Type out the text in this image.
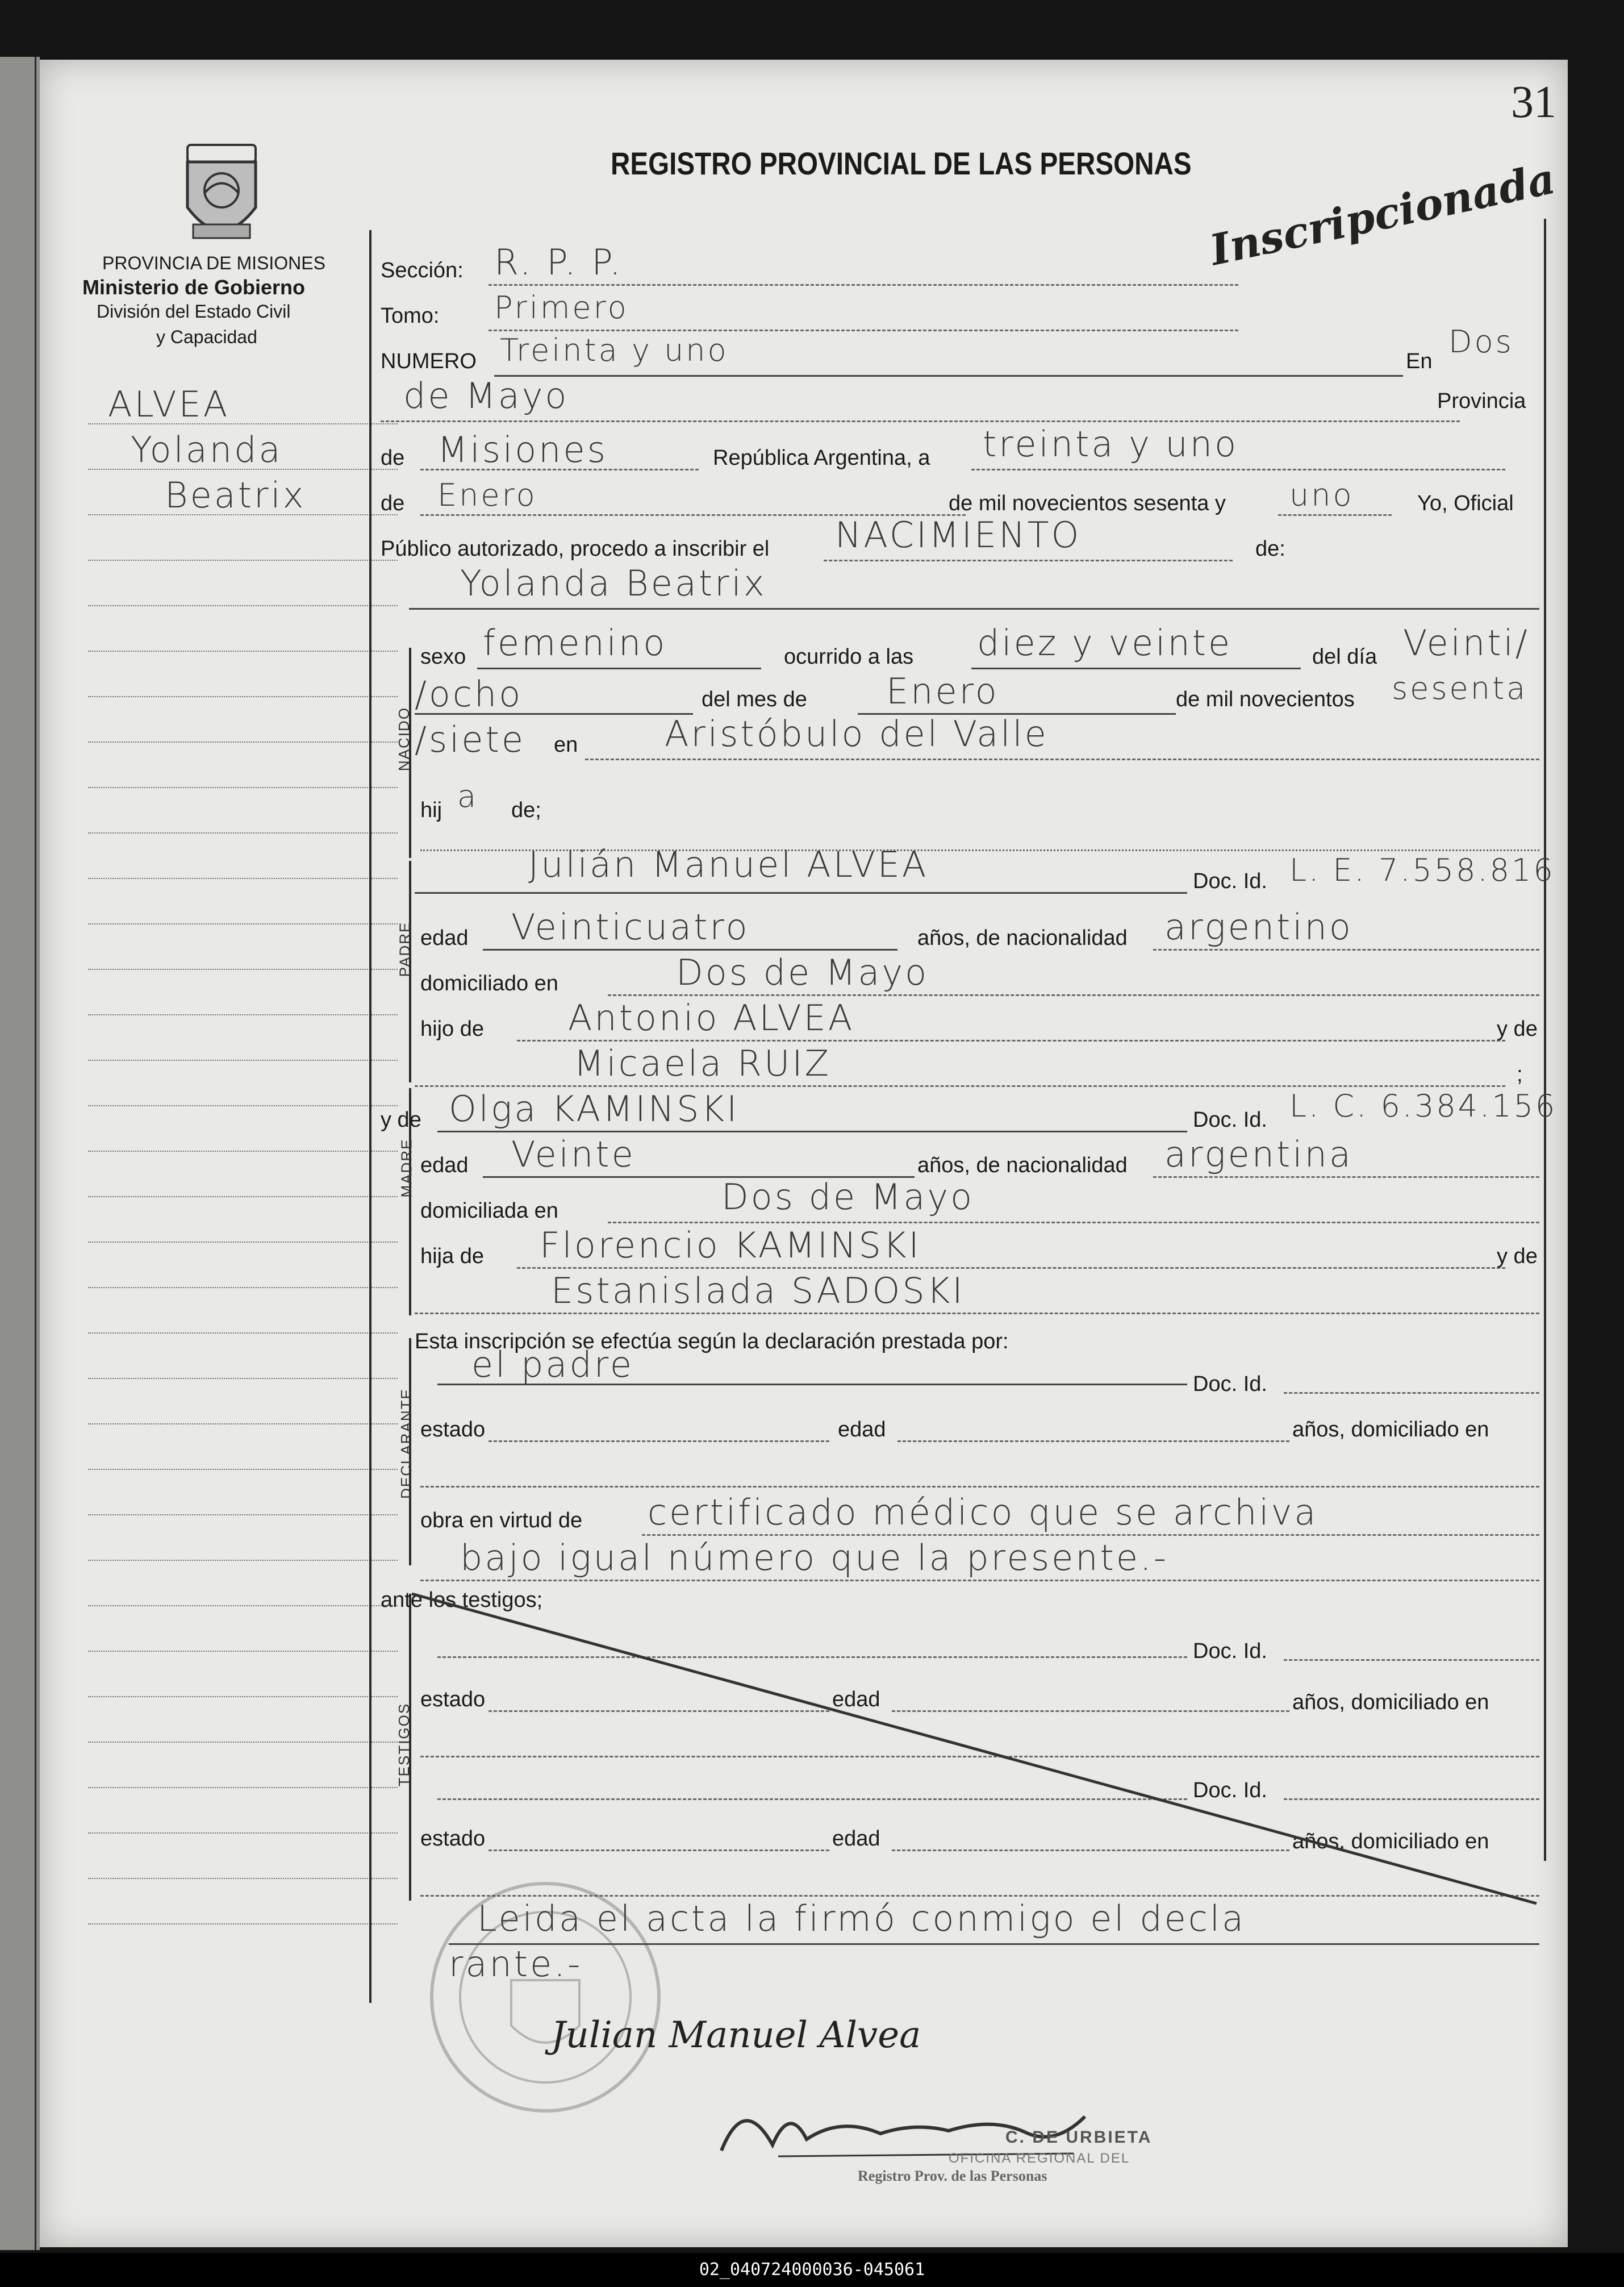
31
REGISTRO PROVINCIAL DE LAS PERSONAS Inscripcionada
PROVINCIA DE MISIONES
Ministerio de Gobierno
División del Estado Civil
y Capacidad
ALVEA
Yolanda
Beatrix
NACIDO
PADRE
MADRE
DECLARANTE
TESTIGOS
Sección: R. P. P.
Tomo: Primero
NUMERO Treinta y uno	En
Dos
de Mayo	Provincia
de Misiones	República Argentina, a treinta y uno
de Enero	de mil novecientos sesenta y uno	Yo, Oficial
Público autorizado, procedo a inscribir el NACIMIENTO	de:
Yolanda Beatrix
sexo femenino	ocurrido a las diez y veinte	del día Veinti/
/ocho	del mes de Enero	de mil novecientos sesenta
/siete en Aristóbulo del Valle
hij a de;
Julián Manuel ALVEA	Doc. Id. L. E. 7.558.816
edad Veinticuatro	años, de nacionalidad argentino
domiciliado en	Dos de Mayo
hijo de Antonio ALVEA	y de
Micaela RUIZ	;
y de Olga KAMINSKI	Doc. Id. L. C. 6.384.156
edad Veinte	años, de nacionalidad argentina
domiciliada en	Dos de Mayo
hija de Florencio KAMINSKI	y de
Estanislada SADOSKI
Esta inscripción se efectúa según la declaración prestada por:
el padre	Doc. Id.
estado	edad	años, domiciliado en
obra en virtud de certificado médico que se archiva
bajo igual número que la presente.-
ante los testigos;
Doc. Id.
estado	edad	años, domiciliado en
Doc. Id.
estado	edad	años, domiciliado en
Leida el acta la firmó conmigo el decla
rante.-
Julian Manuel Alvea
C. DE URBIETA
OFICINA REGIONAL DEL
Registro Prov. de las Personas
02_040724000036-045061
